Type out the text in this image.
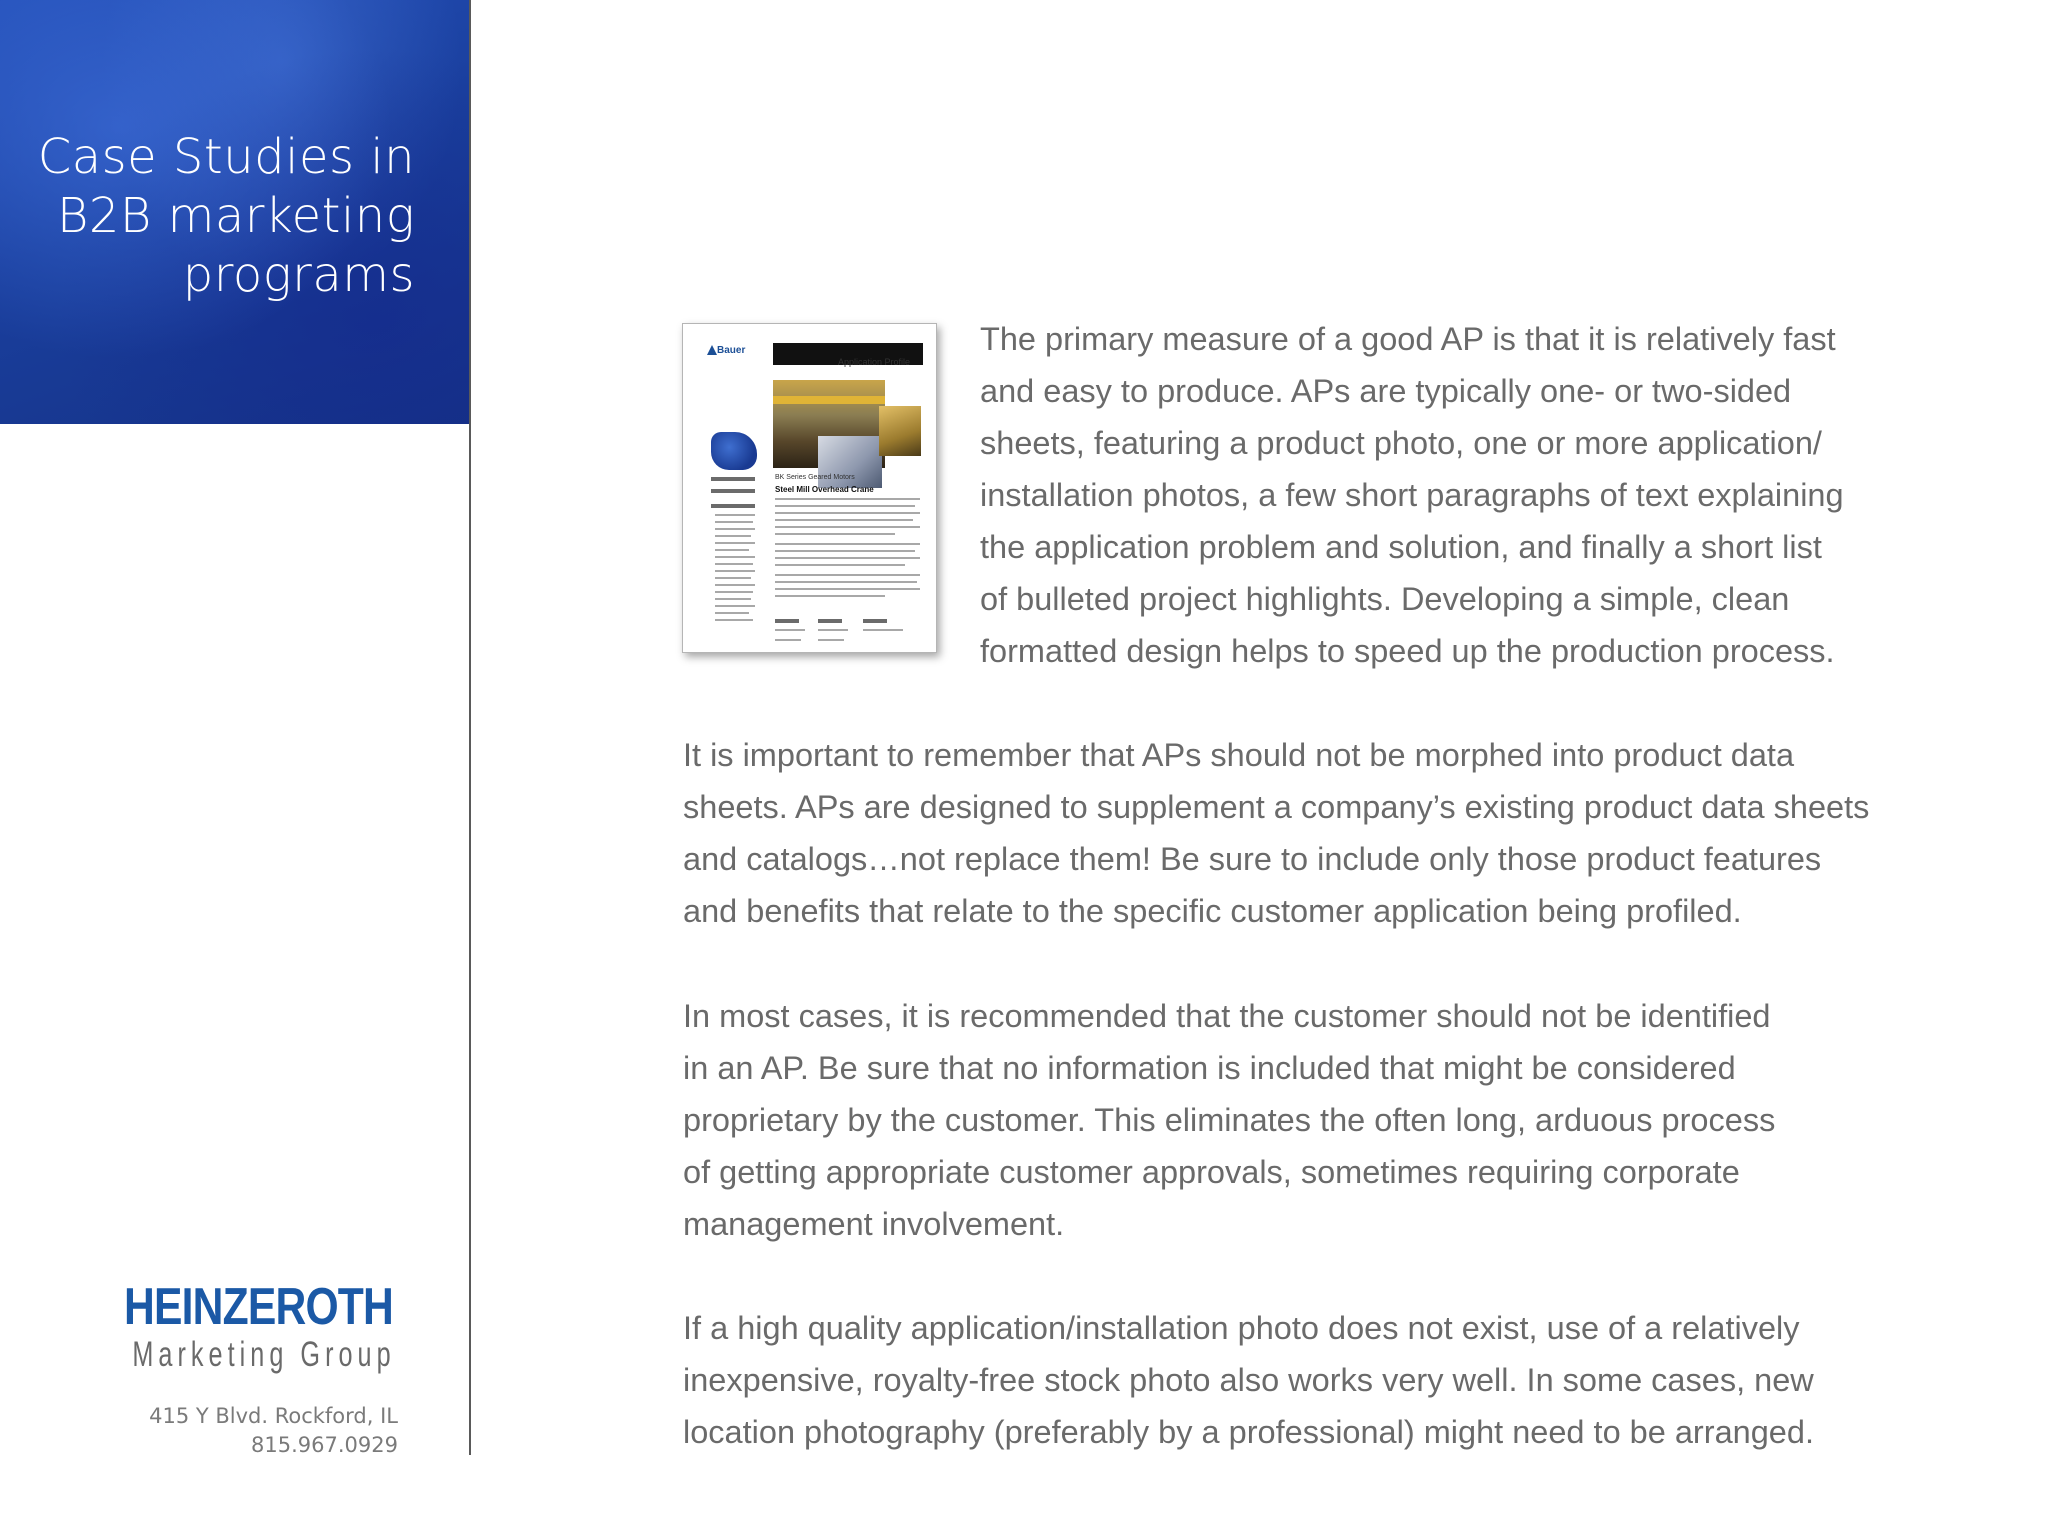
Case Studies in
B2B marketing
programs
Bauer
Application Profile
BK Series Geared Motors
Steel Mill Overhead Crane
The primary measure of a good AP is that it is relatively fast
and easy to produce. APs are typically one- or two-sided
sheets, featuring a product photo, one or more application/
installation photos, a few short paragraphs of text explaining
the application problem and solution, and finally a short list
of bulleted project highlights. Developing a simple, clean
formatted design helps to speed up the production process.
It is important to remember that APs should not be morphed into product data
sheets. APs are designed to supplement a company’s existing product data sheets
and catalogs…not replace them! Be sure to include only those product features
and benefits that relate to the specific customer application being profiled.
In most cases, it is recommended that the customer should not be identified
in an AP. Be sure that no information is included that might be considered
proprietary by the customer. This eliminates the often long, arduous process
of getting appropriate customer approvals, sometimes requiring corporate
management involvement.
If a high quality application/installation photo does not exist, use of a relatively
inexpensive, royalty-free stock photo also works very well. In some cases, new
location photography (preferably by a professional) might need to be arranged.
HEINZEROTH
Marketing Group
415 Y Blvd. Rockford, IL
815.967.0929
